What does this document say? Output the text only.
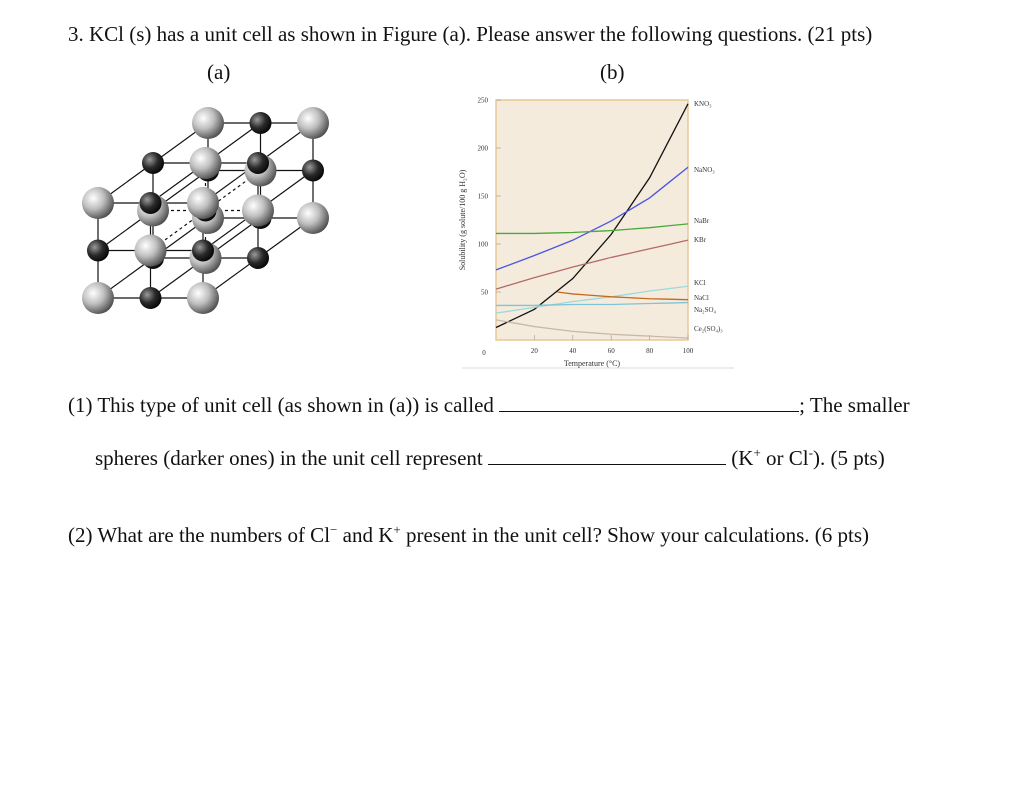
3. KCl (s) has a unit cell as shown in Figure (a). Please answer the following questions. (21 pts)
(a)	(b)
0
50
100
150
200
250
20	40	60	80	100
KNO₃
NaNO₃
NaBr
KBr
KCl
NaCl
Na₂SO₄
Ce₂(SO₄)₃
Solubility (g solute/100 g H₂O)
Temperature (°C)
(1) This type of unit cell (as shown in (a)) is called	; The smaller
spheres (darker ones) in the unit cell represent	(K+ or Cl-). (5 pts)
(2) What are the numbers of Cl− and K+ present in the unit cell? Show your calculations. (6 pts)
